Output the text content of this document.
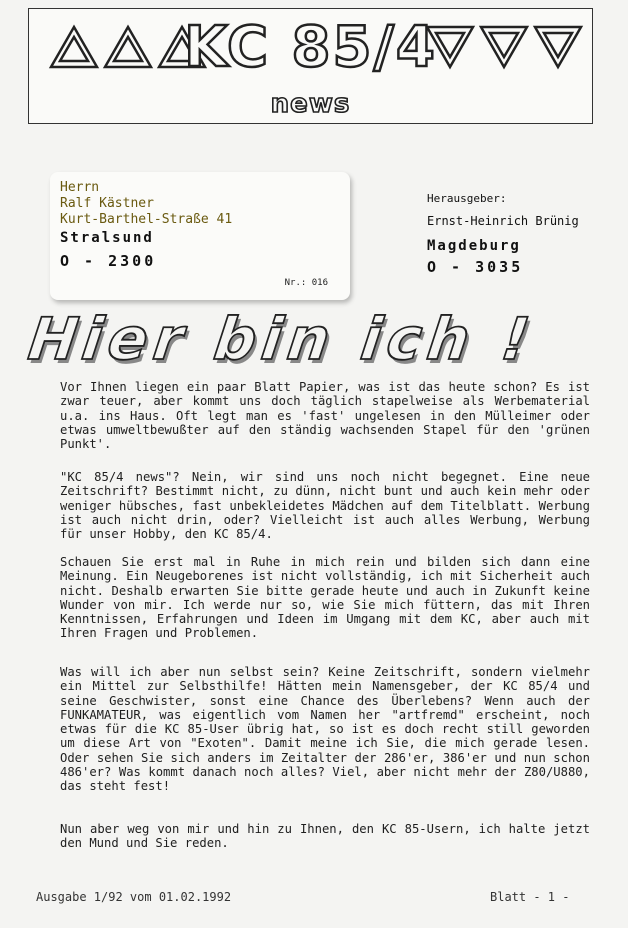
KC 85/4
news
Herrn
Ralf Kästner
Kurt-Barthel-Straße 41
Stralsund
O - 2300
Nr.: 016
Herausgeber:
Ernst-Heinrich Brünig
Magdeburg
O - 3035
Hier bin ich !

Vor Ihnen liegen ein paar Blatt Papier, was ist das heute schon? Es ist zwar teuer, aber kommt uns doch täglich stapelweise als Werbematerial u.a. ins Haus. Oft legt man es 'fast' ungelesen in den Mülleimer oder etwas umweltbewußter auf den ständig wachsenden Stapel für den 'grünen Punkt'.

"KC 85/4 news"? Nein, wir sind uns noch nicht begegnet. Eine neue Zeitschrift? Bestimmt nicht, zu dünn, nicht bunt und auch kein mehr oder weniger hübsches, fast unbekleidetes Mädchen auf dem Titelblatt. Werbung ist auch nicht drin, oder? Vielleicht ist auch alles Werbung, Werbung für unser Hobby, den KC 85/4.

Schauen Sie erst mal in Ruhe in mich rein und bilden sich dann eine Meinung. Ein Neugeborenes ist nicht vollständig, ich mit Sicherheit auch nicht. Deshalb erwarten Sie bitte gerade heute und auch in Zukunft keine Wunder von mir. Ich werde nur so, wie Sie mich füttern, das mit Ihren Kenntnissen, Erfahrungen und Ideen im Umgang mit dem KC, aber auch mit Ihren Fragen und Problemen.

Was will ich aber nun selbst sein? Keine Zeitschrift, sondern vielmehr ein Mittel zur Selbsthilfe! Hätten mein Namensgeber, der KC 85/4 und seine Geschwister, sonst eine Chance des Überlebens? Wenn auch der FUNKAMATEUR, was eigentlich vom Namen her "artfremd" erscheint, noch etwas für die KC 85-User übrig hat, so ist es doch recht still geworden um diese Art von "Exoten". Damit meine ich Sie, die mich gerade lesen. Oder sehen Sie sich anders im Zeitalter der 286'er, 386'er und nun schon 486'er? Was kommt danach noch alles? Viel, aber nicht mehr der Z80/U880, das steht fest!

Nun aber weg von mir und hin zu Ihnen, den KC 85-Usern, ich halte jetzt den Mund und Sie reden.

Ausgabe 1/92 vom 01.02.1992	Blatt - 1 -
